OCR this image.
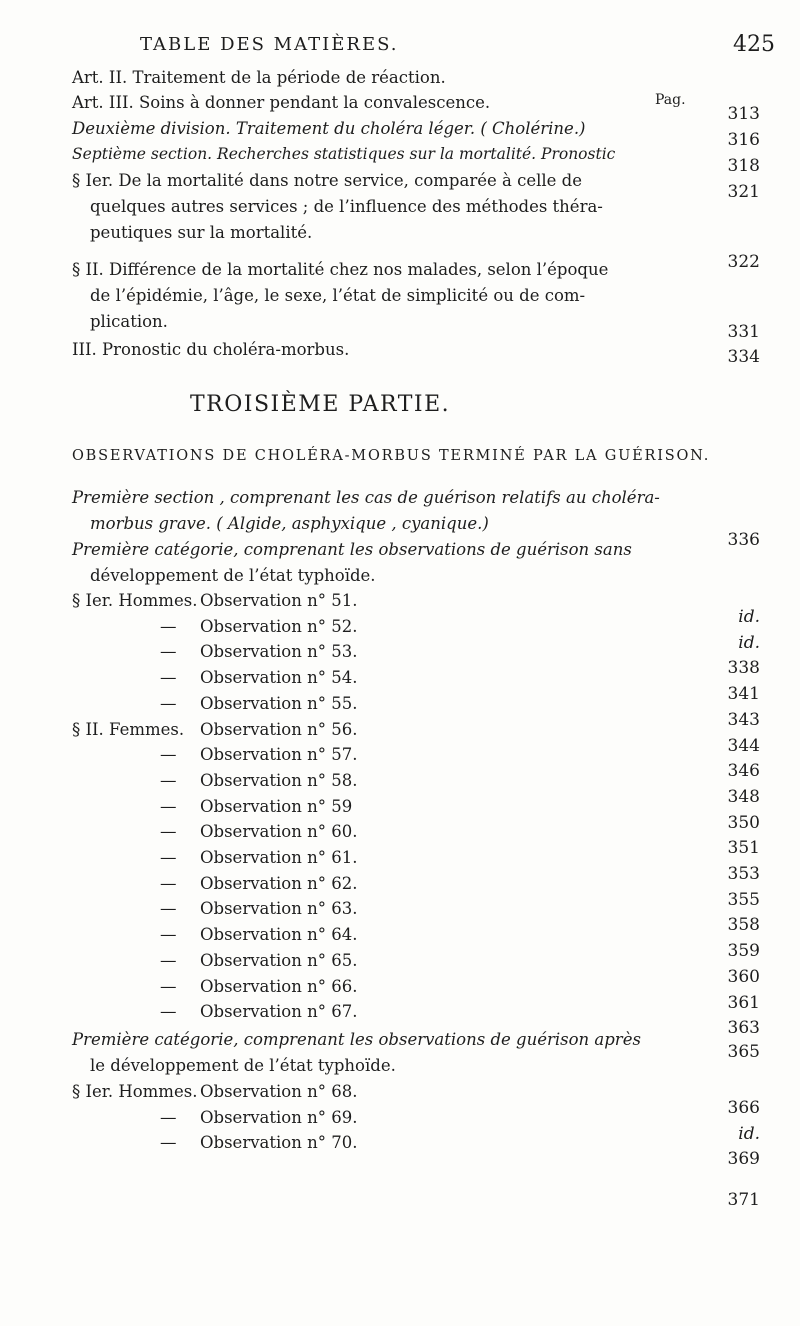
TABLE DES MATIÈRES.	425
Pag.
Art. II. Traitement de la période de réaction.
313
Art. III. Soins à donner pendant la convalescence.
316
Deuxième division. Traitement du choléra léger. ( Cholérine.)
318
Septième section. Recherches statistiques sur la mortalité. Pronostic
321
§ Ier. De la mortalité dans notre service, comparée à celle de
quelques autres services ; de l’influence des méthodes théra-
peutiques sur la mortalité.
322
§ II. Différence de la mortalité chez nos malades, selon l’époque
de l’épidémie, l’âge, le sexe, l’état de simplicité ou de com-
plication.
331
III. Pronostic du choléra-morbus.	334
TROISIÈME PARTIE.
OBSERVATIONS DE CHOLÉRA-MORBUS TERMINÉ PAR LA GUÉRISON.
Première section , comprenant les cas de guérison relatifs au choléra-
morbus grave. ( Algide, asphyxique , cyanique.)
336
Première catégorie, comprenant les observations de guérison sans
développement de l’état typhoïde.
§ Ier. Hommes. Observation n° 51.
id.
— Observation n° 52.
id.
— Observation n° 53.
338
— Observation n° 54.
341
— Observation n° 55.
343
§ II. Femmes. Observation n° 56.
344
— Observation n° 57.
346
— Observation n° 58.
348
— Observation n° 59
350
— Observation n° 60.
351
— Observation n° 61.
353
— Observation n° 62.
355
— Observation n° 63.
358
— Observation n° 64.
359
— Observation n° 65.
360
— Observation n° 66.
361
— Observation n° 67.
363
Première catégorie, comprenant les observations de guérison après
365
le développement de l’état typhoïde.
§ Ier. Hommes. Observation n° 68.
366
— Observation n° 69.
id.
— Observation n° 70.
369
371
